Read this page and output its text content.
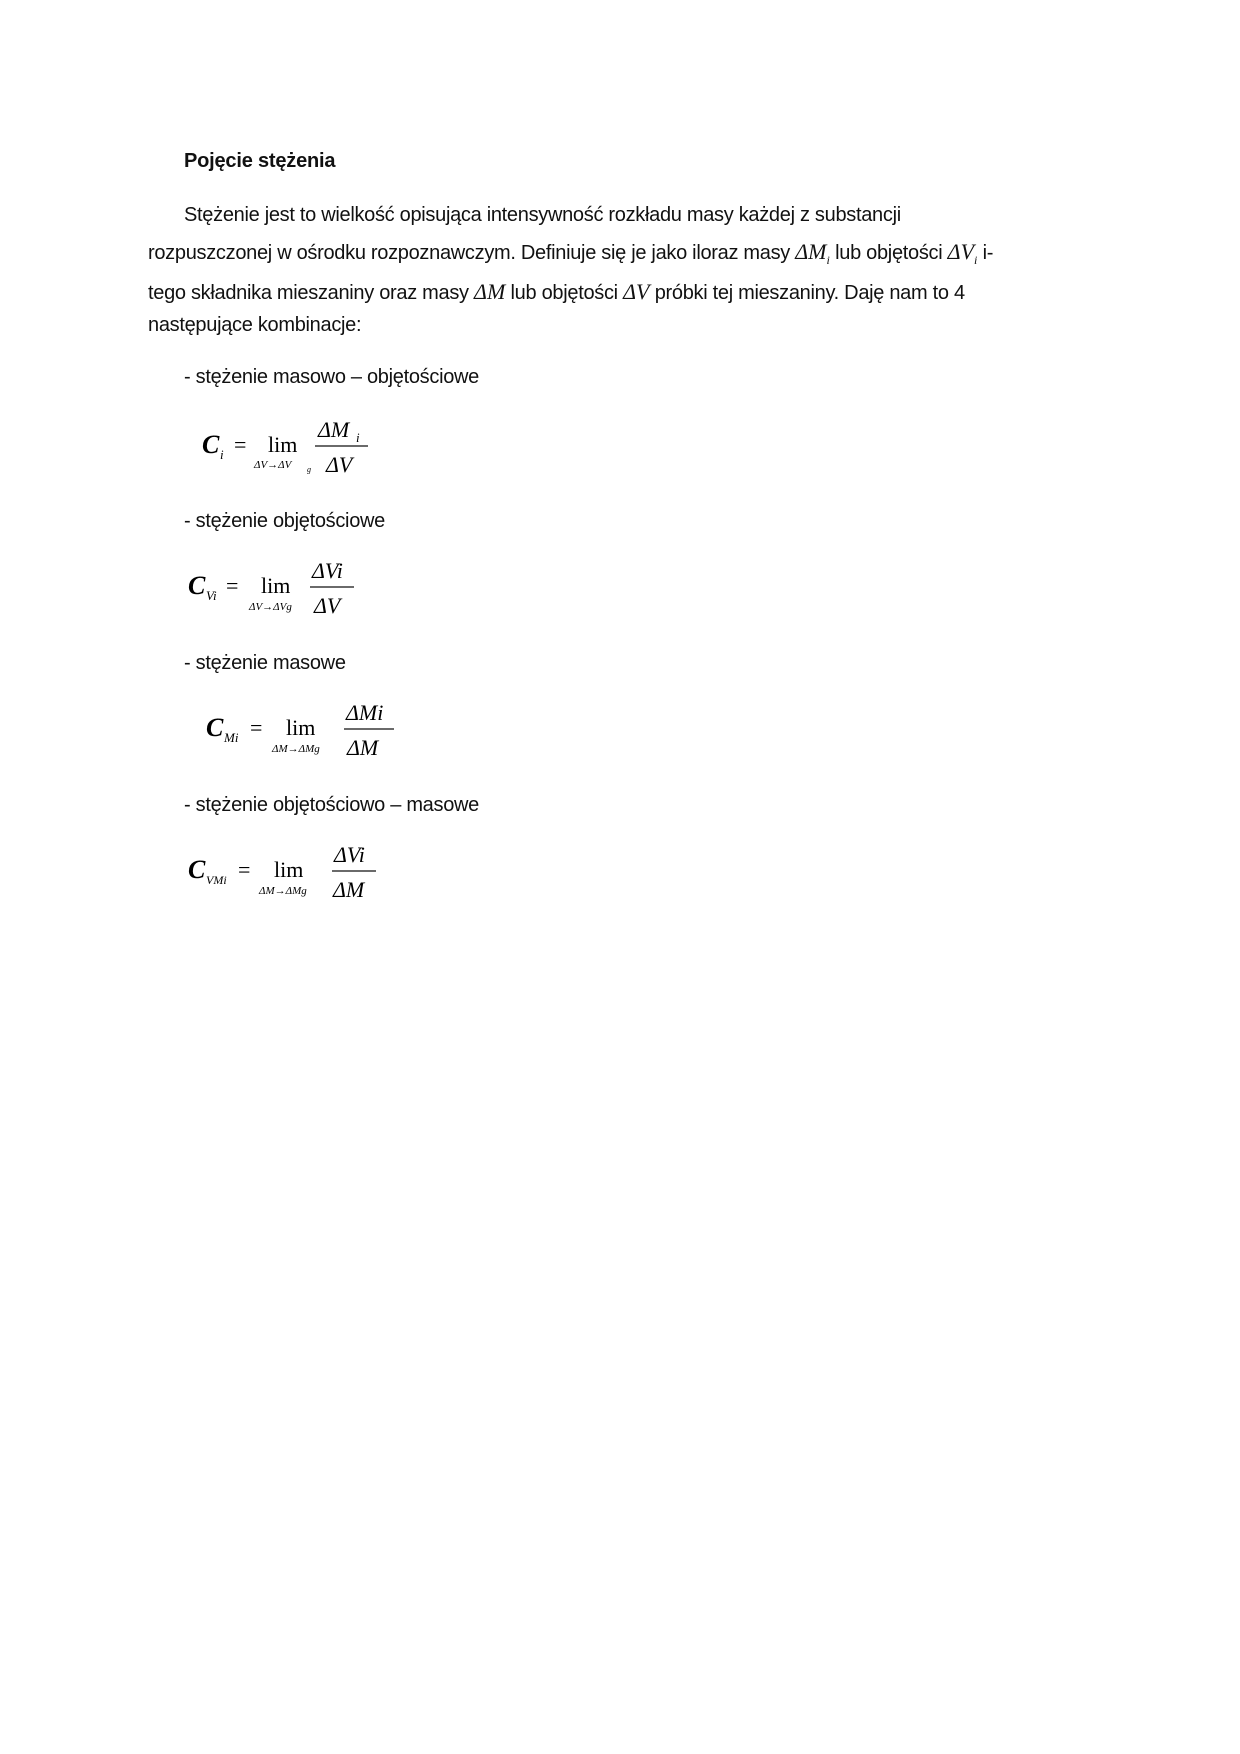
Pojęcie stężenia
Stężenie jest to wielkość opisująca intensywność rozkładu masy każdej z substancji
rozpuszczonej w ośrodku rozpoznawczym. Definiuje się je jako iloraz masy $\Delta M_i$ lub objętości $\Delta V_i$ i-
tego składnika mieszaniny oraz masy ΔM lub objętości ΔV próbki tej mieszaniny. Daję nam to 4
następujące kombinacje:
- stężenie masowo – objętościowe
C i = lim
ΔV→ΔV g
ΔM i
ΔV
- stężenie objętościowe
C Vi = lim
ΔV→ΔVg
ΔVi
ΔV
- stężenie masowe
C Mi = lim
ΔM→ΔMg
ΔMi
ΔM
- stężenie objętościowo – masowe
C VMi = lim
ΔM→ΔMg
ΔVi
ΔM
